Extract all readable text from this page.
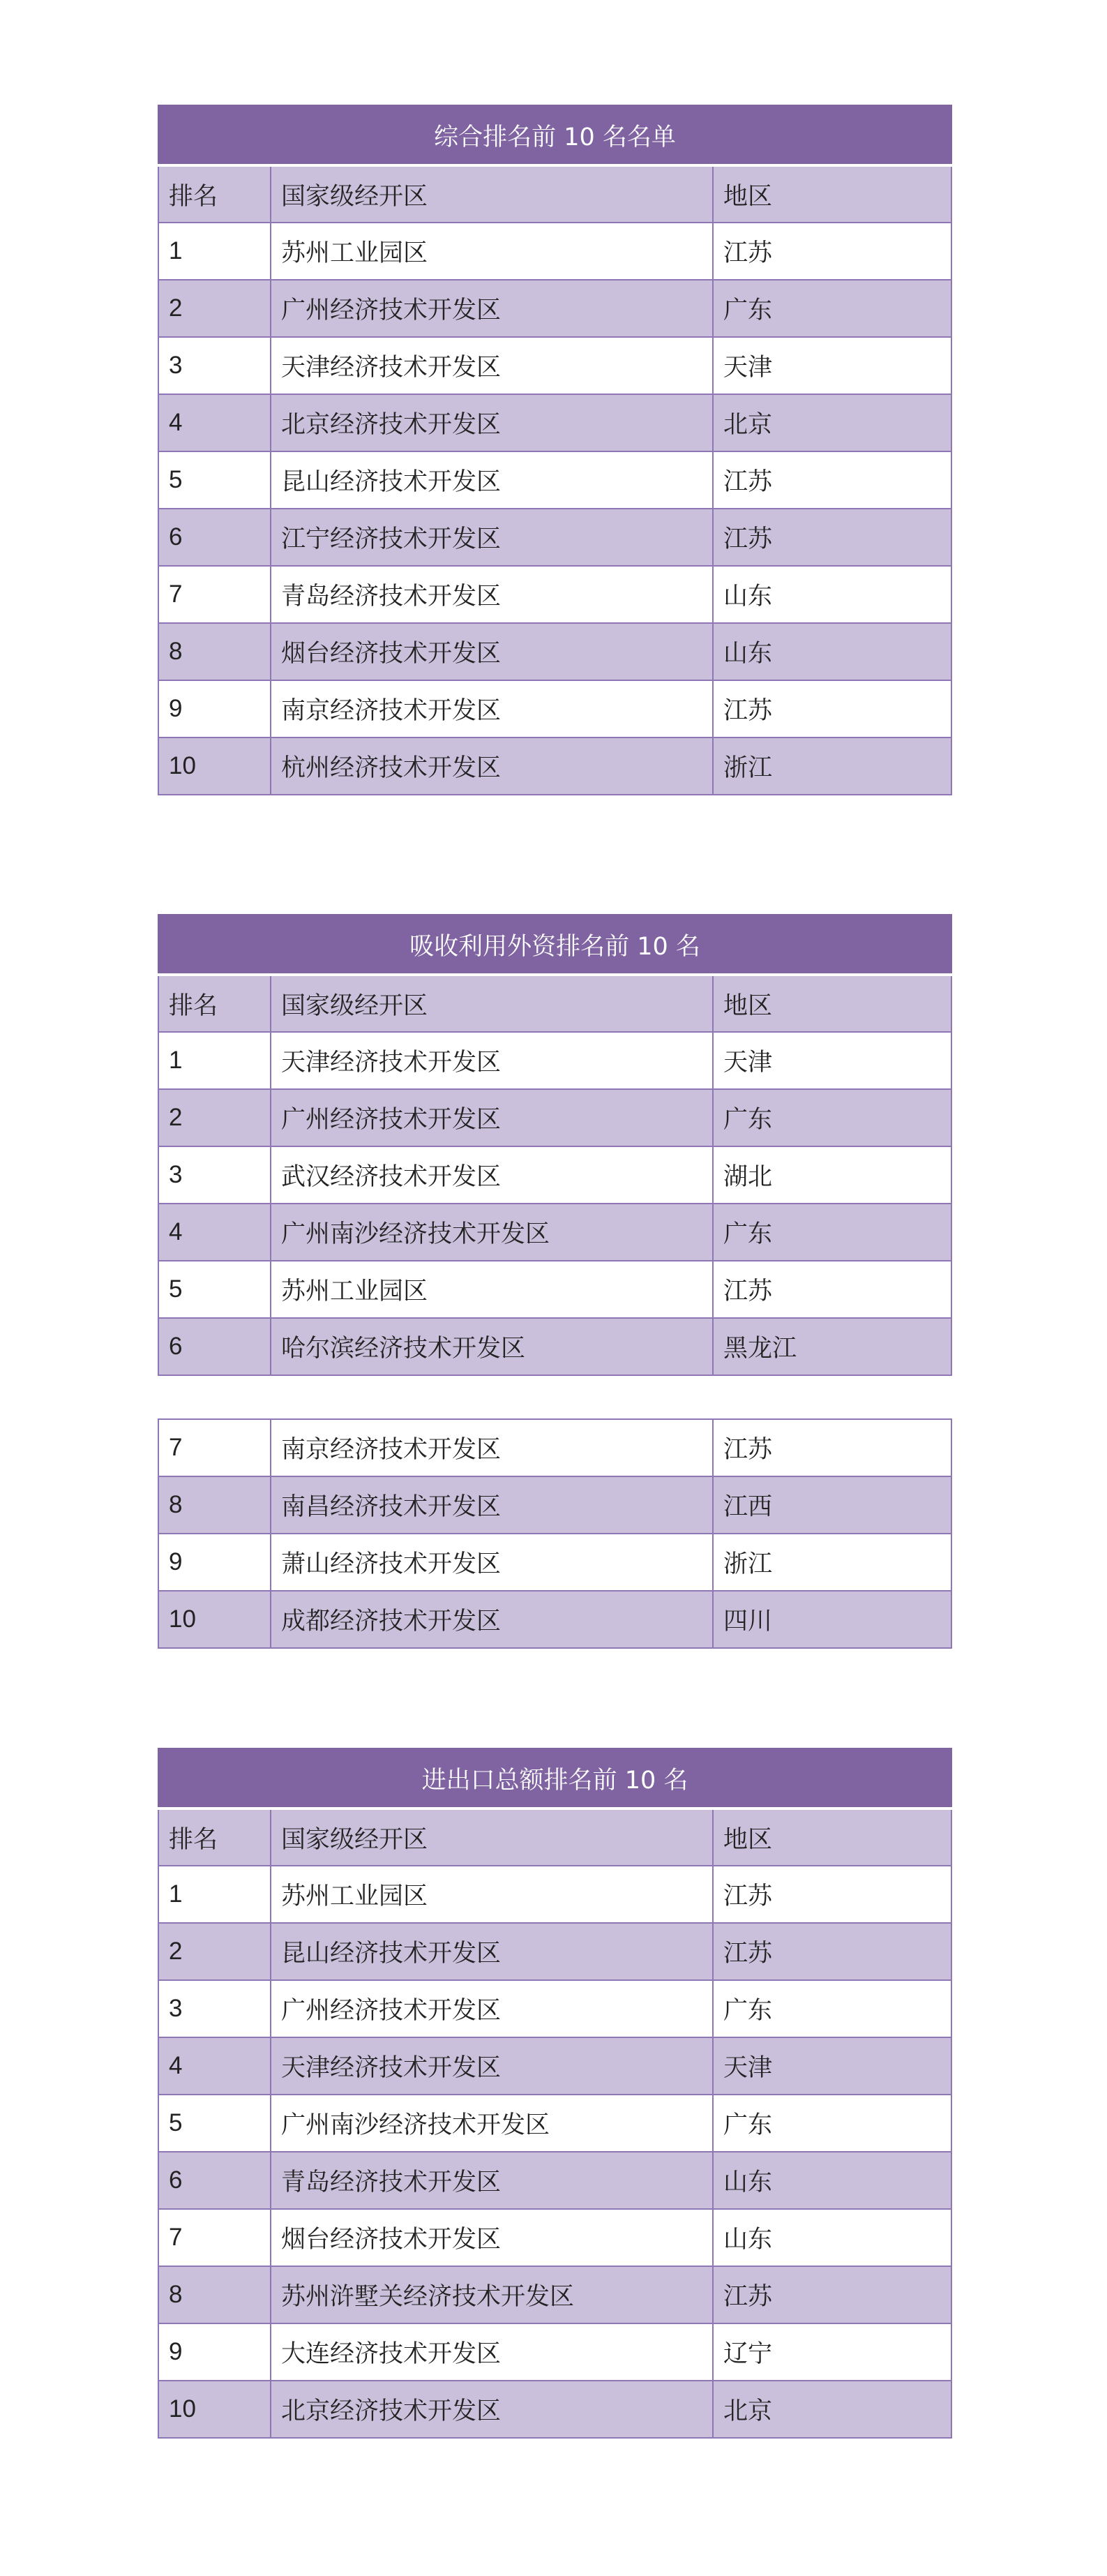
综合排名前 10 名名单		
排名	国家级经开区	地区
1	苏州工业园区	江苏
2	广州经济技术开发区	广东
3	天津经济技术开发区	天津
4	北京经济技术开发区	北京
5	昆山经济技术开发区	江苏
6	江宁经济技术开发区	江苏
7	青岛经济技术开发区	山东
8	烟台经济技术开发区	山东
9	南京经济技术开发区	江苏
10	杭州经济技术开发区	浙江
吸收利用外资排名前 10 名		
排名	国家级经开区	地区
1	天津经济技术开发区	天津
2	广州经济技术开发区	广东
3	武汉经济技术开发区	湖北
4	广州南沙经济技术开发区	广东
5	苏州工业园区	江苏
6	哈尔滨经济技术开发区	黑龙江
7	南京经济技术开发区	江苏
8	南昌经济技术开发区	江西
9	萧山经济技术开发区	浙江
10	成都经济技术开发区	四川
进出口总额排名前 10 名		
排名	国家级经开区	地区
1	苏州工业园区	江苏
2	昆山经济技术开发区	江苏
3	广州经济技术开发区	广东
4	天津经济技术开发区	天津
5	广州南沙经济技术开发区	广东
6	青岛经济技术开发区	山东
7	烟台经济技术开发区	山东
8	苏州浒墅关经济技术开发区	江苏
9	大连经济技术开发区	辽宁
10	北京经济技术开发区	北京
